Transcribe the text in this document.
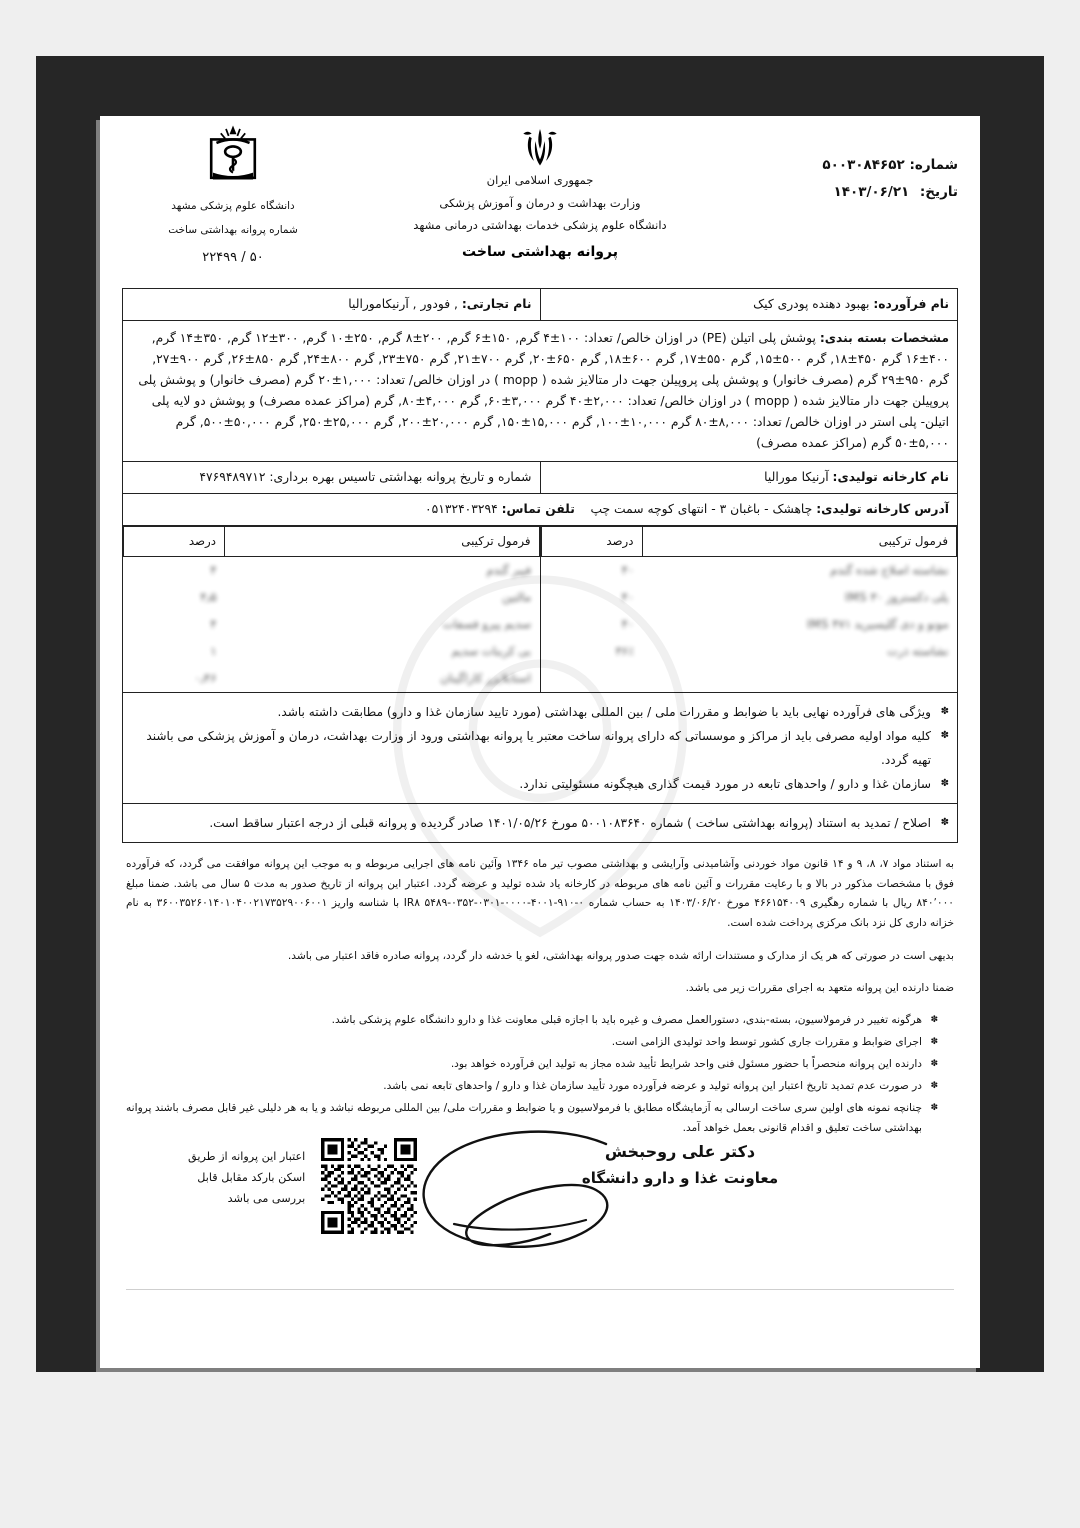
شماره: ۵۰۰۳۰۸۴۶۵۲
تاریخ: ۱۴۰۳/۰۶/۲۱
جمهوری اسلامی ایران
وزارت بهداشت و درمان و آموزش پزشکی
دانشگاه علوم پزشکی خدمات بهداشتی درمانی مشهد
دانشگاه علوم پزشکی مشهد
شماره پروانه بهداشتی ساخت
۵۰ / ۲۲۴۹۹	پروانه بهداشتی ساخت
نام فرآورده: بهبود دهنده پودری کیک	نام تجارتی: , فودور , آرنیکامورالیا
مشخصات بسته بندی: پوشش پلی اتیلن (PE) در اوزان خالص/ تعداد: ۱۰۰±۴ گرم, ۱۵۰±۶ گرم, ۲۰۰±۸ گرم, ۲۵۰±۱۰ گرم, ۳۰۰±۱۲ گرم, ۳۵۰±۱۴ گرم, ۴۰۰±۱۶ گرم ۴۵۰±۱۸, گرم ۵۰۰±۱۵, گرم ۵۵۰±۱۷, گرم ۶۰۰±۱۸, گرم ۶۵۰±۲۰, گرم ۷۰۰±۲۱, گرم ۷۵۰±۲۳, گرم ۸۰۰±۲۴, گرم ۸۵۰±۲۶, گرم ۹۰۰±۲۷, گرم ۹۵۰±۲۹ گرم (مصرف خانوار) و پوشش پلی پروپیلن جهت دار متالایز شده ( mopp ) در اوزان خالص/ تعداد: ۱,۰۰۰±۲۰ گرم (مصرف خانوار) و پوشش پلی پروپیلن جهت دار متالایز شده ( mopp ) در اوزان خالص/ تعداد: ۲,۰۰۰±۴۰ گرم ۳,۰۰۰±۶۰, گرم ۴,۰۰۰±۸۰, گرم (مراکز عمده مصرف) و پوشش دو لایه پلی اتیلن- پلی استر در اوزان خالص/ تعداد: ۸,۰۰۰±۸۰ گرم ۱۰,۰۰۰±۱۰۰, گرم ۱۵,۰۰۰±۱۵۰, گرم ۲۰,۰۰۰±۲۰۰, گرم ۲۵,۰۰۰±۲۵۰, گرم ۵۰,۰۰۰±۵۰۰, گرم ۵,۰۰۰±۵۰ گرم (مراکز عمده مصرف)
نام کارخانه تولیدی: آرنیکا مورالیا	شماره و تاریخ پروانه بهداشتی تاسیس بهره برداری: ۴۷۶۹۴۸۹۷۱۲
آدرس کارخانه تولیدی: چاهشک - باغبان ۳ - انتهای کوچه سمت چپ    تلفن تماس: ۰۵۱۳۲۴۰۳۲۹۴

فرمول ترکیبی	درصد
نشاسته اصلاح شده گندم	۴۰
پلی دکستروز ۳۰ IMS	۴۰
مونو و دی گلیسیرید ۴۷۱ IMS	۴۰
نشاسته ذرت	۳۶٪

فرمول ترکیبی	درصد
فیبر گندم	۴
مالتین	۴٫۵
سدیم پیرو فسفات	۴
بی کربنات سدیم	۱
استابلایزر کاراگینان	۰٫۴۶

✽ ویژگی های فرآورده نهایی باید با ضوابط و مقررات ملی / بین المللی بهداشتی (مورد تایید سازمان غذا و دارو) مطابقت داشته باشد.
✽ کلیه مواد اولیه مصرفی باید از مراکز و موسساتی که دارای پروانه ساخت معتبر یا پروانه بهداشتی ورود از وزارت بهداشت، درمان و آموزش پزشکی می باشند تهیه گردد.
✽ سازمان غذا و دارو / واحدهای تابعه در مورد قیمت گذاری هیچگونه مسئولیتی ندارد.

✽ اصلاح / تمدید به استناد (پروانه بهداشتی ساخت ) شماره ۵۰۰۱۰۸۳۶۴۰ مورخ ۱۴۰۱/۰۵/۲۶ صادر گردیده و پروانه قبلی از درجه اعتبار ساقط است.

به استناد مواد ۷، ۸، ۹ و ۱۴ قانون مواد خوردنی وآشامیدنی وآرایشی و بهداشتی مصوب تیر ماه ۱۳۴۶ وآئین نامه های اجرایی مربوطه و به موجب این پروانه موافقت می گردد، که فرآورده فوق با مشخصات مذکور در بالا و با رعایت مقررات و آئین نامه های مربوطه در کارخانه یاد شده تولید و عرضه گردد. اعتبار این پروانه از تاریخ صدور به مدت ۵ سال می باشد. ضمنا مبلغ ۸۴۰٬۰۰۰ ریال با شماره رهگیری ۴۶۶۱۵۴۰۰۹ مورخ ۱۴۰۳/۰۶/۲۰ به حساب شماره ۰-۹۱۰-IR۸ ۵۴۸۹-۰۳۵۲-۰۳۰۱-۰۰۰۰-۴۰۰۱ با شناسه واریز ۳۶۰۰۳۵۲۶۰۱۴۰۱۰۴۰۰۲۱۷۳۵۲۹۰۰۶۰۰۱ به نام خزانه داری کل نزد بانک مرکزی پرداخت شده است.

بدیهی است در صورتی که هر یک از مدارک و مستندات ارائه شده جهت صدور پروانه بهداشتی، لغو یا خدشه دار گردد، پروانه صادره فاقد اعتبار می باشد.

ضمنا دارنده این پروانه متعهد به اجرای مقررات زیر می باشد.

✽ هرگونه تغییر در فرمولاسیون، بسته-بندی، دستورالعمل مصرف و غیره باید با اجازه قبلی معاونت غذا و دارو دانشگاه علوم پزشکی باشد.
✽ اجرای ضوابط و مقررات جاری کشور توسط واحد تولیدی الزامی است.
✽ دارنده این پروانه منحصراً با حضور مسئول فنی واحد شرایط تأیید شده مجاز به تولید این فرآورده خواهد بود.
✽ در صورت عدم تمدید تاریخ اعتبار این پروانه تولید و عرضه فرآورده مورد تأیید سازمان غذا و دارو / واحدهای تابعه نمی باشد.
✽ چنانچه نمونه های اولین سری ساخت ارسالی به آزمایشگاه مطابق با فرمولاسیون و یا ضوابط و مقررات ملی/ بین المللی مربوطه نباشد و یا به هر دلیلی غیر قابل مصرف باشند پروانه بهداشتی ساخت تعلیق و اقدام قانونی بعمل خواهد آمد.
دکتر علی روحبخش
معاونت غذا و دارو دانشگاه
اعتبار این پروانه از طریق
اسکن بارکد مقابل قابل
بررسی می باشد
